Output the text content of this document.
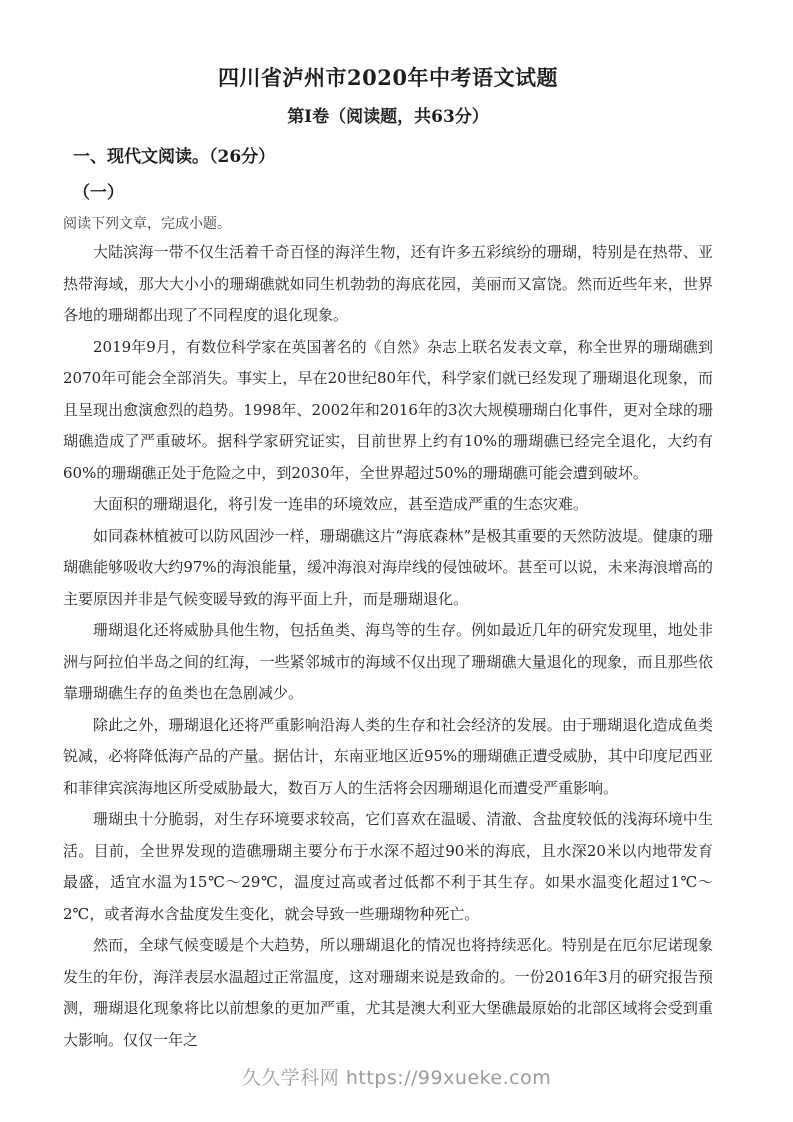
四川省泸州市2020年中考语文试题
第Ⅰ卷（阅读题，共63分）
一、现代文阅读。（26分）
（一）
阅读下列文章，完成小题。

大陆滨海一带不仅生活着千奇百怪的海洋生物，还有许多五彩缤纷的珊瑚，特别是在热带、亚热带海域，那大大小小的珊瑚礁就如同生机勃勃的海底花园，美丽而又富饶。然而近些年来，世界各地的珊瑚都出现了不同程度的退化现象。

2019年9月，有数位科学家在英国著名的《自然》杂志上联名发表文章，称全世界的珊瑚礁到2070年可能会全部消失。事实上，早在20世纪80年代，科学家们就已经发现了珊瑚退化现象，而且呈现出愈演愈烈的趋势。1998年、2002年和2016年的3次大规模珊瑚白化事件，更对全球的珊瑚礁造成了严重破坏。据科学家研究证实，目前世界上约有10%的珊瑚礁已经完全退化，大约有60%的珊瑚礁正处于危险之中，到2030年，全世界超过50%的珊瑚礁可能会遭到破坏。

大面积的珊瑚退化，将引发一连串的环境效应，甚至造成严重的生态灾难。

如同森林植被可以防风固沙一样，珊瑚礁这片“海底森林”是极其重要的天然防波堤。健康的珊瑚礁能够吸收大约97%的海浪能量，缓冲海浪对海岸线的侵蚀破坏。甚至可以说，未来海浪增高的主要原因并非是气候变暖导致的海平面上升，而是珊瑚退化。

珊瑚退化还将威胁具他生物，包括鱼类、海鸟等的生存。例如最近几年的研究发现里，地处非洲与阿拉伯半岛之间的红海，一些紧邻城市的海域不仅出现了珊瑚礁大量退化的现象，而且那些依靠珊瑚礁生存的鱼类也在急剧减少。

除此之外，珊瑚退化还将严重影响沿海人类的生存和社会经济的发展。由于珊瑚退化造成鱼类锐减，必将降低海产品的产量。据估计，东南亚地区近95%的珊瑚礁正遭受威胁，其中印度尼西亚和菲律宾滨海地区所受威胁最大，数百万人的生活将会因珊瑚退化而遭受严重影响。

珊瑚虫十分脆弱，对生存环境要求较高，它们喜欢在温暖、清澈、含盐度较低的浅海环境中生活。目前，全世界发现的造礁珊瑚主要分布于水深不超过90米的海底，且水深20米以内地带发育最盛，适宜水温为15℃～29℃，温度过高或者过低都不利于其生存。如果水温变化超过1℃～2℃，或者海水含盐度发生变化，就会导致一些珊瑚物种死亡。

然而，全球气候变暖是个大趋势，所以珊瑚退化的情况也将持续恶化。特别是在厄尔尼诺现象发生的年份，海洋表层水温超过正常温度，这对珊瑚来说是致命的。一份2016年3月的研究报告预测，珊瑚退化现象将比以前想象的更加严重，尤其是澳大利亚大堡礁最原始的北部区域将会受到重大影响。仅仅一年之

久久学科网 https://99xueke.com
